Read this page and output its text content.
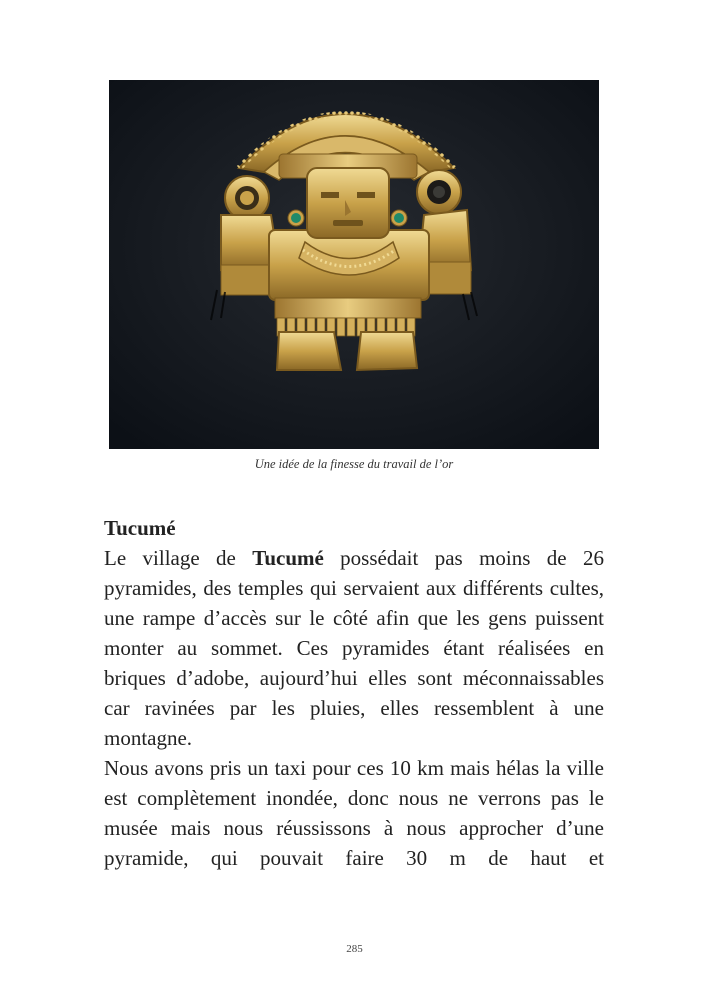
Une idée de la finesse du travail de l’or

Tucumé

Le village de Tucumé possédait pas moins de 26 pyramides, des temples qui servaient aux différents cultes, une rampe d’accès sur le côté afin que les gens puissent monter au sommet. Ces pyramides étant réalisées en briques d’adobe, aujourd’hui elles sont méconnaissables car ravinées par les pluies, elles ressemblent à une montagne.

Nous avons pris un taxi pour ces 10 km mais hélas la ville est complètement inondée, donc nous ne verrons pas le musée mais nous réussissons à nous approcher d’une pyramide, qui pouvait faire 30 m de haut et

285
